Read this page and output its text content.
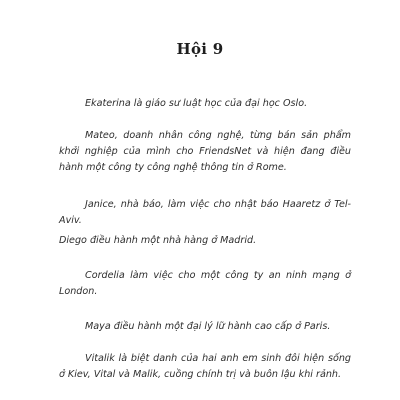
Hội 9

Ekaterina là giáo sư luật học của đại học Oslo.

Mateo, doanh nhân công nghệ, từng bán sản phẩm khởi nghiệp của mình cho FriendsNet và hiện đang điều hành một công ty công nghệ thông tin ở Rome.

Janice, nhà báo, làm việc cho nhật báo Haaretz ở Tel-Aviv.

Diego điều hành một nhà hàng ở Madrid.

Cordelia làm việc cho một công ty an ninh mạng ở London.

Maya điều hành một đại lý lữ hành cao cấp ở Paris.

Vitalik là biệt danh của hai anh em sinh đôi hiện sống ở Kiev, Vital và Malik, cuồng chính trị và buôn lậu khi rảnh.
